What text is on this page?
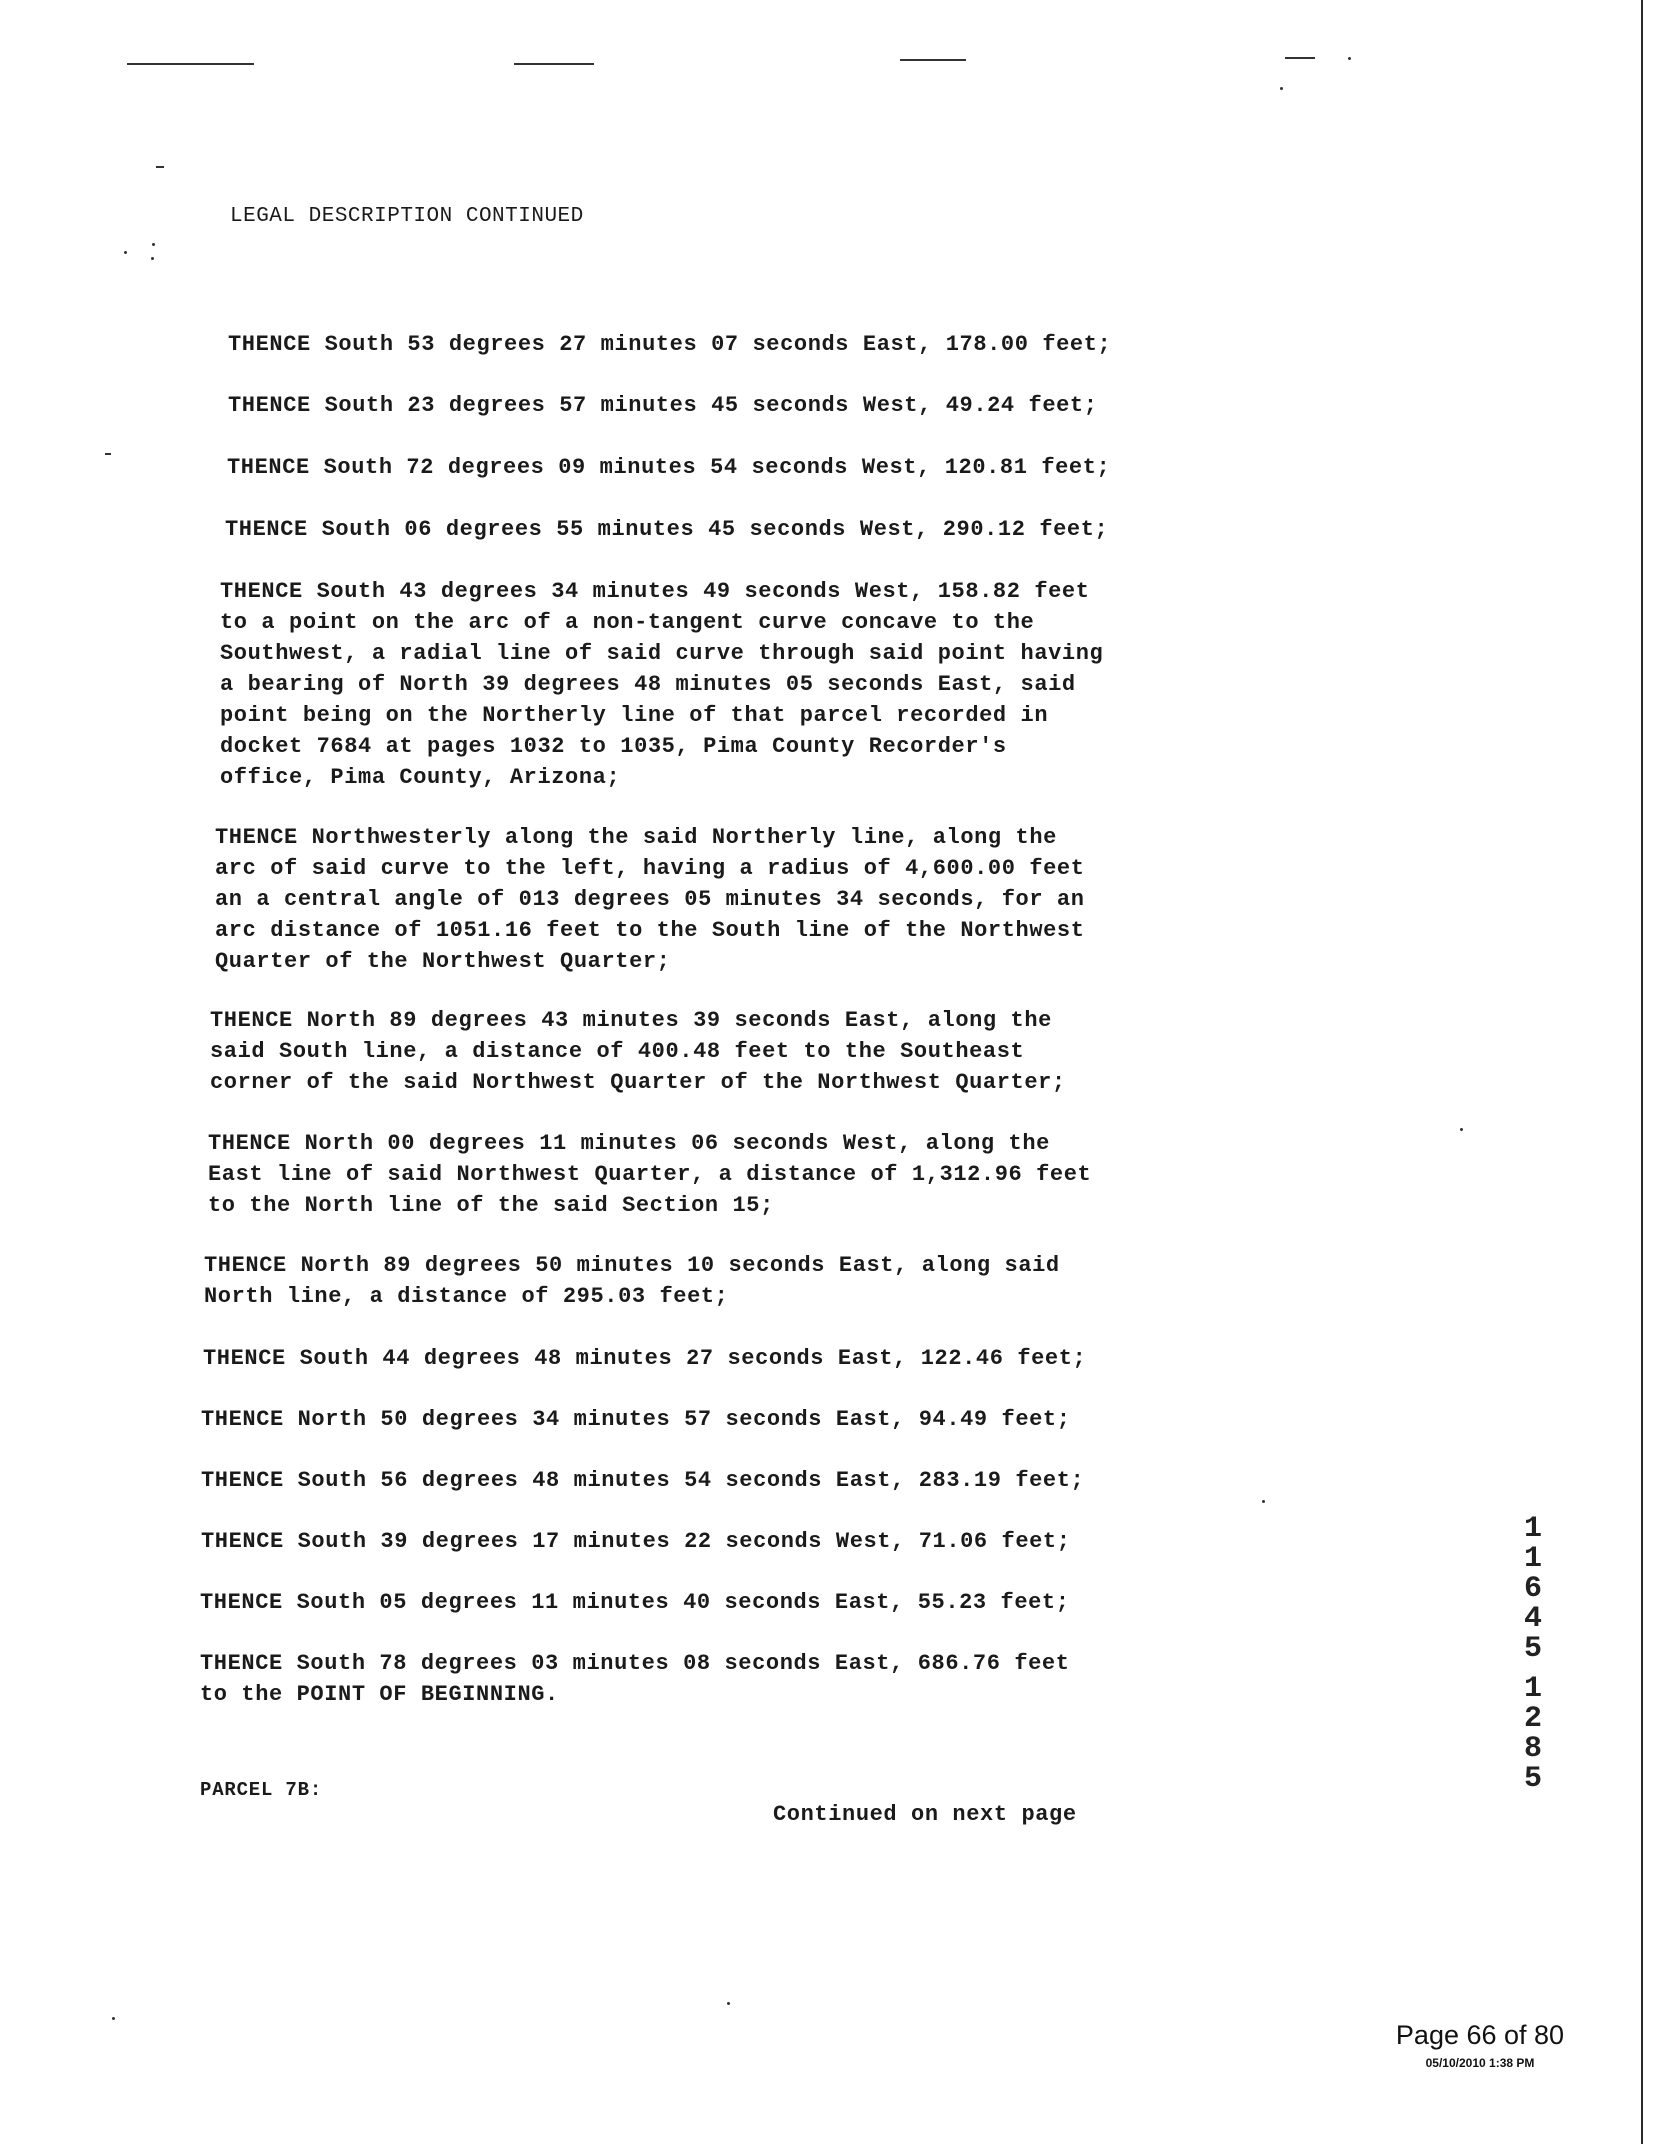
LEGAL DESCRIPTION CONTINUED
THENCE South 53 degrees 27 minutes 07 seconds East, 178.00 feet;
THENCE South 23 degrees 57 minutes 45 seconds West, 49.24 feet;
THENCE South 72 degrees 09 minutes 54 seconds West, 120.81 feet;
THENCE South 06 degrees 55 minutes 45 seconds West, 290.12 feet;
THENCE South 43 degrees 34 minutes 49 seconds West, 158.82 feet
to a point on the arc of a non-tangent curve concave to the
Southwest, a radial line of said curve through said point having
a bearing of North 39 degrees 48 minutes 05 seconds East, said
point being on the Northerly line of that parcel recorded in
docket 7684 at pages 1032 to 1035, Pima County Recorder's
office, Pima County, Arizona;
THENCE Northwesterly along the said Northerly line, along the
arc of said curve to the left, having a radius of 4,600.00 feet
an a central angle of 013 degrees 05 minutes 34 seconds, for an
arc distance of 1051.16 feet to the South line of the Northwest
Quarter of the Northwest Quarter;
THENCE North 89 degrees 43 minutes 39 seconds East, along the
said South line, a distance of 400.48 feet to the Southeast
corner of the said Northwest Quarter of the Northwest Quarter;
THENCE North 00 degrees 11 minutes 06 seconds West, along the
East line of said Northwest Quarter, a distance of 1,312.96 feet
to the North line of the said Section 15;
THENCE North 89 degrees 50 minutes 10 seconds East, along said
North line, a distance of 295.03 feet;
THENCE South 44 degrees 48 minutes 27 seconds East, 122.46 feet;
THENCE North 50 degrees 34 minutes 57 seconds East, 94.49 feet;
THENCE South 56 degrees 48 minutes 54 seconds East, 283.19 feet;
THENCE South 39 degrees 17 minutes 22 seconds West, 71.06 feet;
THENCE South 05 degrees 11 minutes 40 seconds East, 55.23 feet;
THENCE South 78 degrees 03 minutes 08 seconds East, 686.76 feet
to the POINT OF BEGINNING.
PARCEL 7B:
Continued on next page
1
1
6
4
5
1
2
8
5
Page 66 of 80
05/10/2010 1:38 PM
